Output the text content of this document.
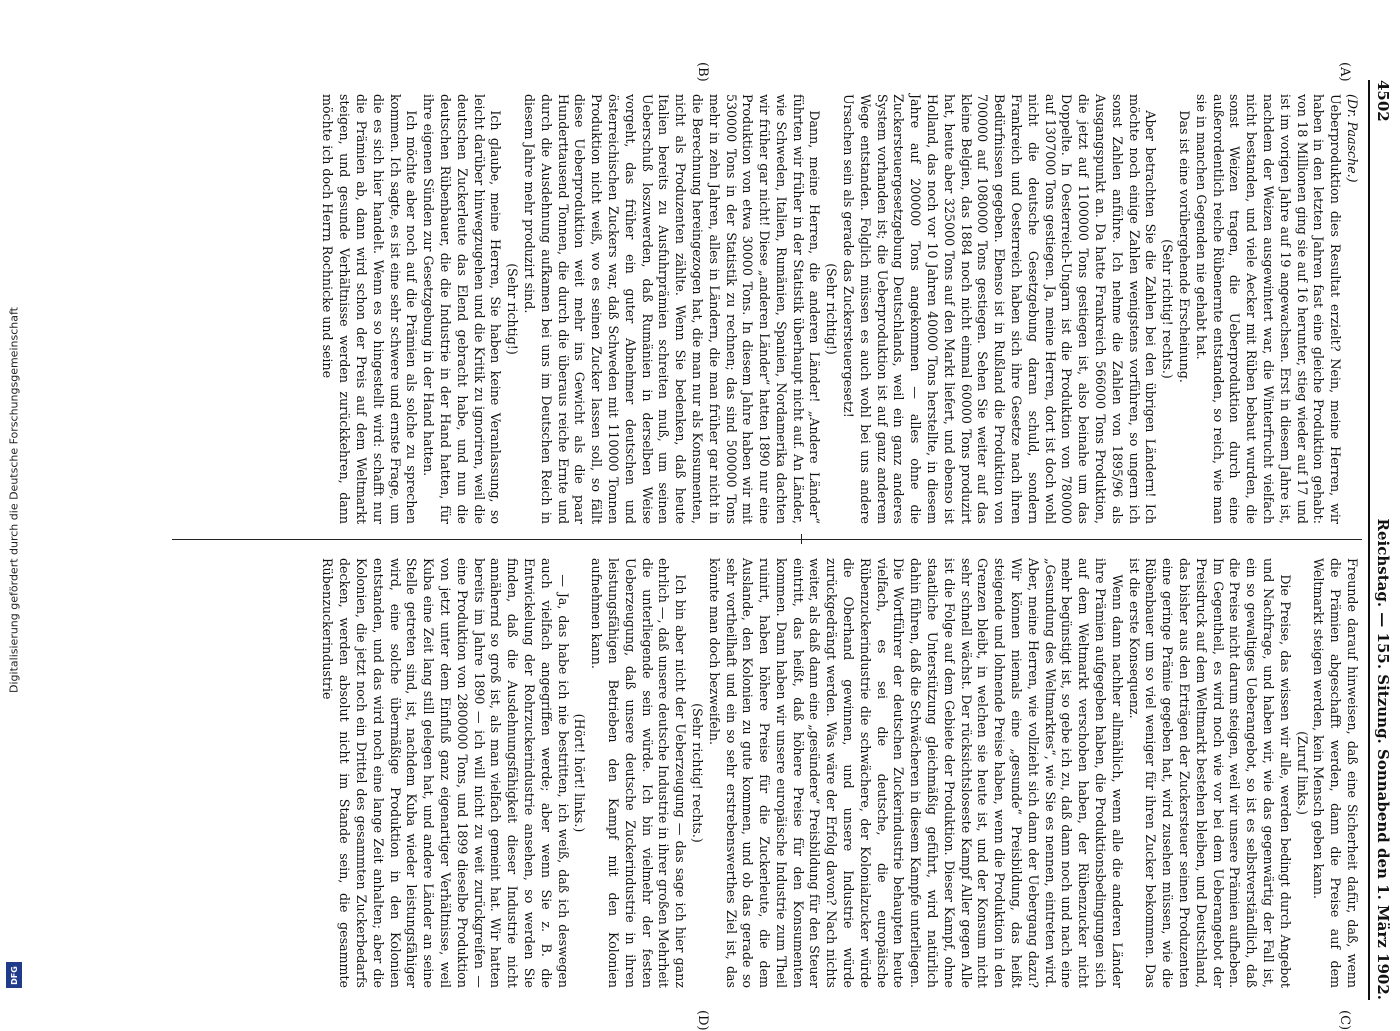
Digitalisierung gefördert durch die Deutsche Forschungsgemeinschaft
DFG
4502
Reichstag. — 155. Sitzung. Sonnabend den 1. März 1902.
(A)
(B)
(C)
(D)

(Dr. Paasche.)

Ueberproduktion dies Resultat erzielt? Nein, meine Herren, wir haben in den letzten Jahren fast eine gleiche Produktion gehabt: von 18 Millionen ging sie auf 16 herunter, stieg wieder auf 17 und ist im vorigen Jahre auf 19 angewachsen. Erst in diesem Jahre ist, nachdem der Weizen ausgewintert war, die Winterfrucht vielfach nicht bestanden, und viele Aecker mit Rüben bebaut wurden, die sonst Weizen tragen, die Ueberproduktion durch eine außerordentlich reiche Rübenernte entstanden, so reich, wie man sie in manchen Gegenden nie gehabt hat.

Das ist eine vorübergehende Erscheinung.

(Sehr richtig! rechts.)

Aber betrachten Sie die Zahlen bei den übrigen Ländern! Ich möchte noch einige Zahlen wenigstens vorführen, so ungern ich sonst Zahlen anführe. Ich nehme die Zahlen von 1895/96 als Ausgangspunkt an. Da hatte Frankreich 566000 Tons Produktion, die jetzt auf 1100000 Tons gestiegen ist, also beinahe um das Doppelte. In Oesterreich-Ungarn ist die Produktion von 780000 auf 1307000 Tons gestiegen. Ja, meine Herren, dort ist doch wohl nicht die deutsche Gesetzgebung daran schuld, sondern Frankreich und Oesterreich haben sich ihre Gesetze nach ihren Bedürfnissen gegeben. Ebenso ist in Rußland die Produktion von 700000 auf 1080000 Tons gestiegen. Sehen Sie weiter auf das kleine Belgien, das 1884 noch nicht einmal 60000 Tons produzirt hat, heute aber 325000 Tons auf den Markt liefert, und ebenso ist Holland, das noch vor 10 Jahren 40000 Tons herstellte, in diesem Jahre auf 200000 Tons angekommen — alles ohne die Zuckersteuergesetzgebung Deutschlands, weil ein ganz anderes System vorhanden ist; die Ueberproduktion ist auf ganz anderem Wege entstanden. Folglich müssen es auch wohl bei uns andere Ursachen sein als gerade das Zuckersteuergesetz!

(Sehr richtig!)

Dann, meine Herren, die anderen Länder! „Andere Länder“ führten wir früher in der Statistik überhaupt nicht auf. An Länder, wie Schweden, Italien, Rumänien, Spanien, Nordamerika dachten wir früher gar nicht! Diese „anderen Länder“ hatten 1890 nur eine Produktion von etwa 30000 Tons. In diesem Jahre haben wir mit 530000 Tons in der Statistik zu rechnen; das sind 500000 Tons mehr in zehn Jahren, alles in Ländern, die man früher gar nicht in die Berechnung hereingezogen hat, die man nur als Konsumenten, nicht als Produzenten zählte. Wenn Sie bedenken, daß heute Italien bereits zu Ausfuhrprämien schreiten muß, um seinen Ueberschuß loszuwerden, daß Rumänien in derselben Weise vorgeht, das früher ein guter Abnehmer deutschen und österreichischen Zuckers war, daß Schweden mit 110000 Tonnen Produktion nicht weiß, wo es seinen Zucker lassen soll, so fällt diese Ueberproduktion weit mehr ins Gewicht als die paar Hunderttausend Tonnen, die durch die überaus reiche Ernte und durch die Ausdehnung aufkamen bei uns im Deutschen Reich in diesem Jahre mehr produzirt sind.

(Sehr richtig!)

Ich glaube, meine Herren, Sie haben keine Veranlassung, so leicht darüber hinwegzugehen und die Kritik zu ignoriren, weil die deutschen Zuckerleute das Elend gebracht habe, und nun die deutschen Rübenbauer, die die Industrie in der Hand hatten, für ihre eigenen Sünden zur Gesetzgebung in der Hand hatten.

Ich möchte aber noch auf die Prämien als solche zu sprechen kommen. Ich sagte, es ist eine sehr schwere und ernste Frage, um die es sich hier handelt. Wenn es so hingestellt wird: schafft nur die Prämien ab, dann wird schon der Preis auf dem Weltmarkt steigen, und gesunde Verhältnisse werden zurückkehren, dann möchte ich doch Herrn Rochnicke und seine

Freunde darauf hinweisen, daß eine Sicherheit dafür, daß, wenn die Prämien abgeschafft werden, dann die Preise auf dem Weltmarkt steigen werden, kein Mensch geben kann.

(Zuruf links.)

Die Preise, das wissen wir alle, werden bedingt durch Angebot und Nachfrage, und haben wir, wie das gegenwärtig der Fall ist, ein so gewaltiges Ueberangebot, so ist es selbstverständlich, daß die Preise nicht darum steigen, weil wir unsere Prämien aufheben. Im Gegentheil, es wird noch wie vor bei dem Ueberangebot der Preisdruck auf dem Weltmarkt bestehen bleiben, und Deutschland, das bisher aus den Erträgen der Zuckersteuer seinen Produzenten eine geringe Prämie gegeben hat, wird zusehen müssen, wie die Rübenbauer um so viel weniger für ihren Zucker bekommen. Das ist die erste Konsequenz.

Wenn dann nachher allmählich, wenn alle die anderen Länder ihre Prämien aufgegeben haben, die Produktionsbedingungen sich auf dem Weltmarkt verschoben haben, der Rübenzucker nicht mehr begünstigt ist, so gebe ich zu, daß dann noch und nach eine „Gesundung des Weltmarktes“, wie Sie es nennen, eintreten wird. Aber, meine Herren, wie vollzieht sich dann der Uebergang dazu? Wir können niemals eine „gesunde“ Preisbildung, das heißt steigende und lohnende Preise haben, wenn die Produktion in den Grenzen bleibt, in welchen sie heute ist, und der Konsum nicht sehr schnell wächst. Der rücksichtsloseste Kampf Aller gegen Alle ist die Folge auf dem Gebiete der Produktion. Dieser Kampf, ohne staatliche Unterstützung gleichmäßig geführt, wird natürlich dahin führen, daß die Schwächeren in diesem Kampfe unterliegen. Die Wortführer der deutschen Zuckerindustrie behaupten heute vielfach, es sei die deutsche, die europäische Rübenzuckerindustrie die schwächere, der Kolonialzucker würde die Oberhand gewinnen, und unsere Industrie würde zurückgedrängt werden. Was wäre der Erfolg davon? Nach nichts weiter, als daß dann eine „gesündere“ Preisbildung für den Steuer eintritt, das heißt, daß höhere Preise für den Konsumenten kommen. Dann haben wir unsere europäische Industrie zum Theil ruinirt, haben höhere Preise für die Zuckerleute, die dem Auslande, den Kolonien zu gute kommen, und ob das gerade so sehr vortheilhaft und ein so sehr erstrebenswerthes Ziel ist, das könnte man doch bezweifeln.

(Sehr richtig! rechts.)

Ich bin aber nicht der Ueberzeugung — das sage ich hier ganz ehrlich —, daß unsere deutsche Industrie in ihrer großen Mehrheit die unterliegende sein würde. Ich bin vielmehr der festen Ueberzeugung, daß unsere deutsche Zuckerindustrie in ihren leistungsfähigen Betrieben den Kampf mit den Kolonien aufnehmen kann.

(Hört! hört! links.)

— Ja, das habe ich nie bestritten, ich weiß, daß ich deswegen auch vielfach angegriffen werde; aber wenn Sie z. B. die Entwickelung der Rohrzuckerindustrie ansehen, so werden Sie finden, daß die Ausdehnungsfähigkeit dieser Industrie nicht annähernd so groß ist, als man vielfach gemeint hat. Wir hatten bereits im Jahre 1890 — ich will nicht zu weit zurückgreifen — eine Produktion von 2800000 Tons, und 1899 dieselbe Produktion von jetzt unter dem Einfluß ganz eigenartiger Verhältnisse, weil Kuba eine Zeit lang still gelegen hat, und andere Länder an seine Stelle getreten sind, ist, nachdem Kuba wieder leistungsfähiger wird, eine solche übermäßige Produktion in den Kolonien entstanden, und das wird noch eine lange Zeit anhalten; aber die Kolonien, die jetzt noch ein Drittel des gesammten Zuckerbedarfs decken, werden absolut nicht im Stande sein, die gesammte Rübenzuckerindustrie
